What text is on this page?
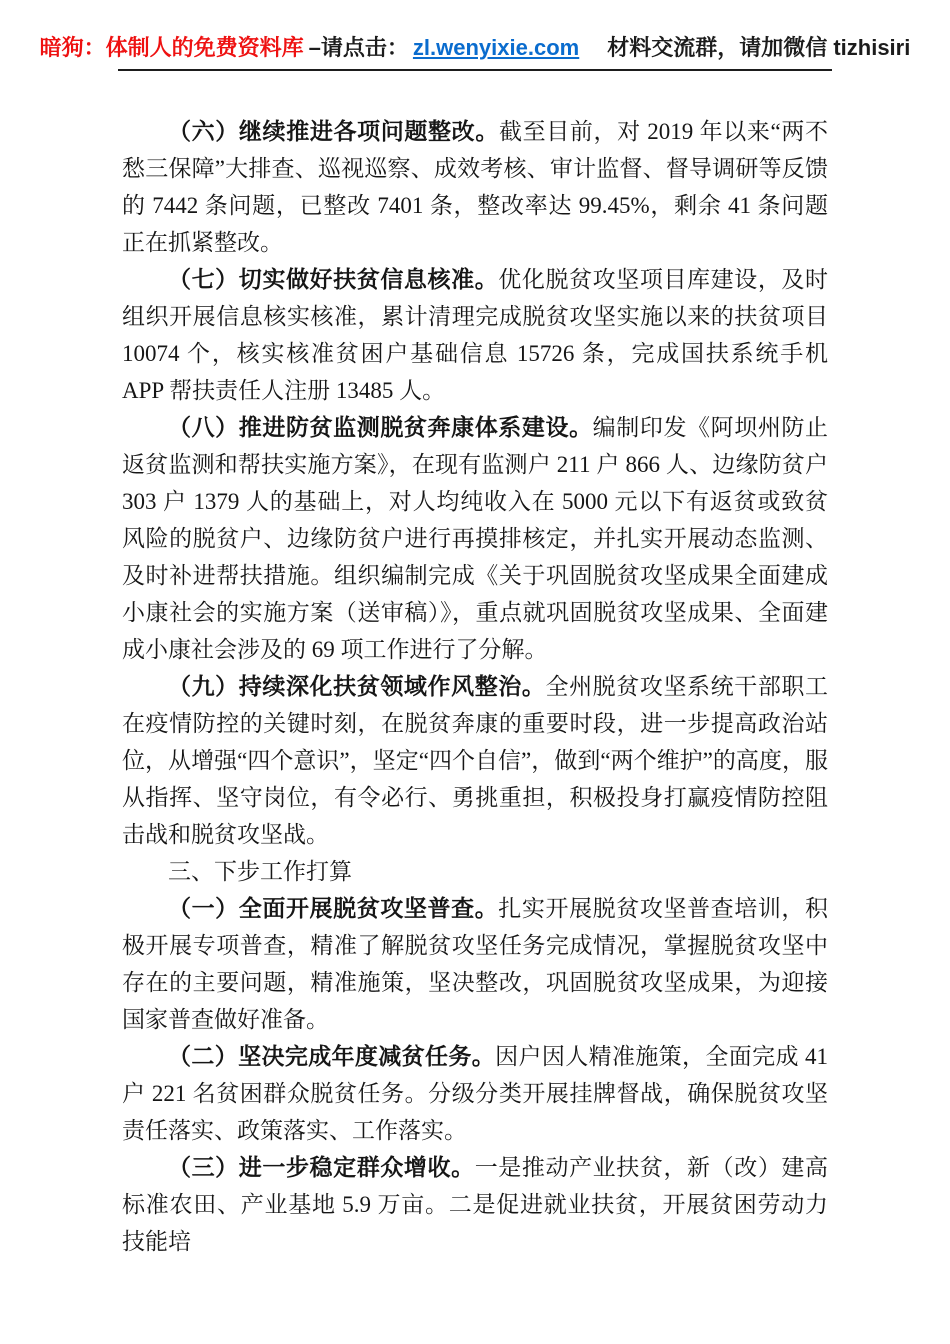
暗狗：体制人的免费资料库 –请点击： zl.wenyixie.com 材料交流群，请加微信 tizhisiri

（六）继续推进各项问题整改。截至目前，对 2019 年以来“两不愁三保障”大排查、巡视巡察、成效考核、审计监督、督导调研等反馈的 7442 条问题，已整改 7401 条，整改率达 99.45%，剩余 41 条问题正在抓紧整改。

（七）切实做好扶贫信息核准。优化脱贫攻坚项目库建设，及时组织开展信息核实核准，累计清理完成脱贫攻坚实施以来的扶贫项目 10074 个，核实核准贫困户基础信息 15726 条，完成国扶系统手机 APP 帮扶责任人注册 13485 人。

（八）推进防贫监测脱贫奔康体系建设。编制印发《阿坝州防止返贫监测和帮扶实施方案》，在现有监测户 211 户 866 人、边缘防贫户 303 户 1379 人的基础上，对人均纯收入在 5000 元以下有返贫或致贫风险的脱贫户、边缘防贫户进行再摸排核定，并扎实开展动态监测、及时补进帮扶措施。组织编制完成《关于巩固脱贫攻坚成果全面建成小康社会的实施方案（送审稿）》，重点就巩固脱贫攻坚成果、全面建成小康社会涉及的 69 项工作进行了分解。

（九）持续深化扶贫领域作风整治。全州脱贫攻坚系统干部职工在疫情防控的关键时刻，在脱贫奔康的重要时段，进一步提高政治站位，从增强“四个意识”，坚定“四个自信”，做到“两个维护”的高度，服从指挥、坚守岗位，有令必行、勇挑重担，积极投身打赢疫情防控阻击战和脱贫攻坚战。

三、下步工作打算

（一）全面开展脱贫攻坚普查。扎实开展脱贫攻坚普查培训，积极开展专项普查，精准了解脱贫攻坚任务完成情况，掌握脱贫攻坚中存在的主要问题，精准施策，坚决整改，巩固脱贫攻坚成果，为迎接国家普查做好准备。

（二）坚决完成年度减贫任务。因户因人精准施策，全面完成 41 户 221 名贫困群众脱贫任务。分级分类开展挂牌督战，确保脱贫攻坚责任落实、政策落实、工作落实。

（三）进一步稳定群众增收。一是推动产业扶贫，新（改）建高标准农田、产业基地 5.9 万亩。二是促进就业扶贫，开展贫困劳动力技能培
